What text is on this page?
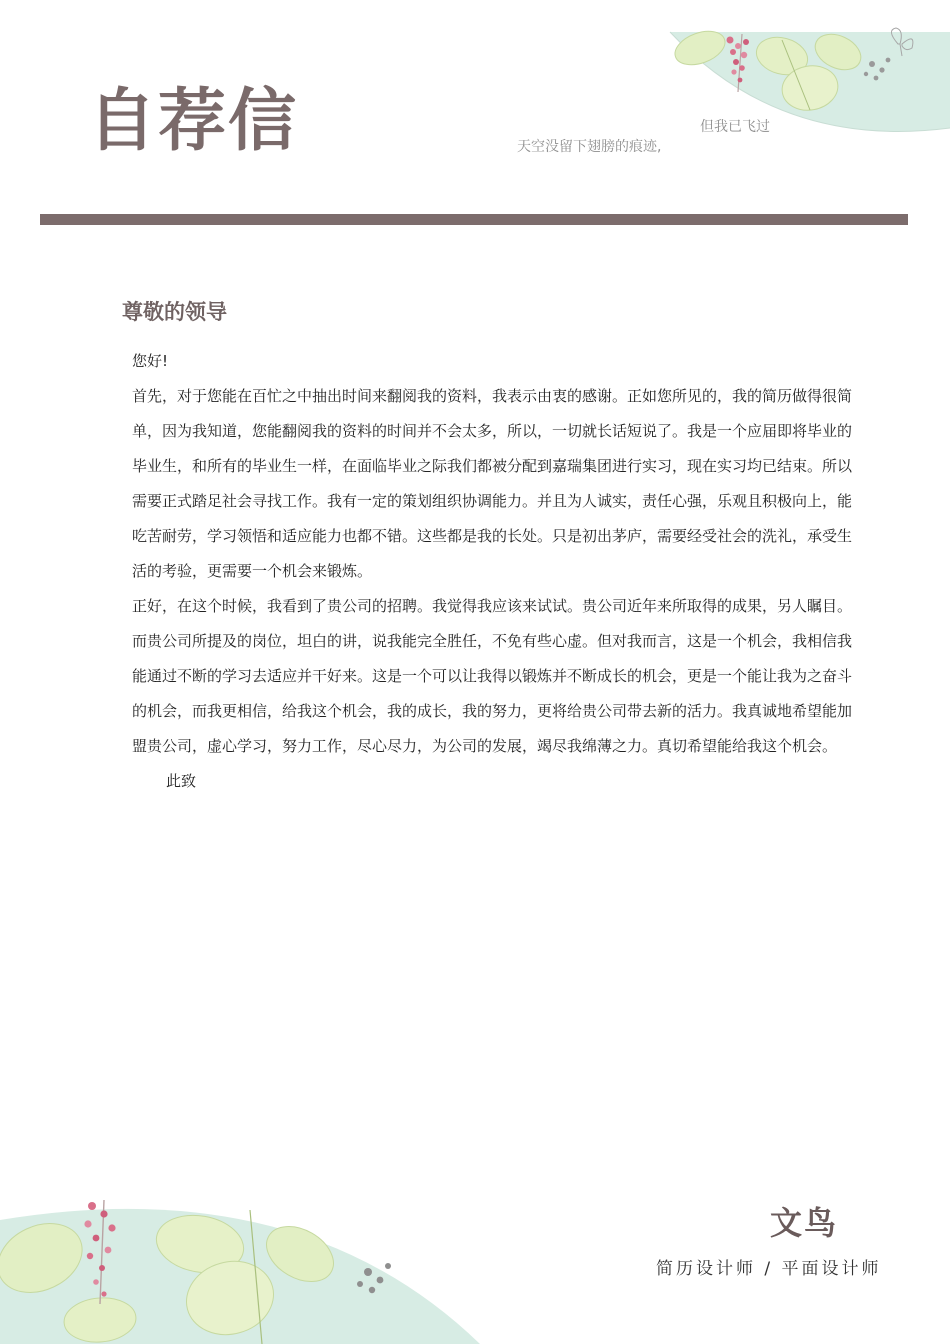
自荐信	但我已飞过
天空没留下翅膀的痕迹,
尊敬的领导

您好!

首先，对于您能在百忙之中抽出时间来翻阅我的资料，我表示由衷的感谢。正如您所见的，我的简历做得很简单，因为我知道，您能翻阅我的资料的时间并不会太多，所以，一切就长话短说了。我是一个应届即将毕业的毕业生，和所有的毕业生一样，在面临毕业之际我们都被分配到嘉瑞集团进行实习，现在实习均已结束。所以需要正式踏足社会寻找工作。我有一定的策划组织协调能力。并且为人诚实，责任心强，乐观且积极向上，能吃苦耐劳，学习领悟和适应能力也都不错。这些都是我的长处。只是初出茅庐，需要经受社会的洗礼，承受生活的考验，更需要一个机会来锻炼。

正好，在这个时候，我看到了贵公司的招聘。我觉得我应该来试试。贵公司近年来所取得的成果，另人瞩目。而贵公司所提及的岗位，坦白的讲，说我能完全胜任，不免有些心虚。但对我而言，这是一个机会，我相信我能通过不断的学习去适应并干好来。这是一个可以让我得以锻炼并不断成长的机会，更是一个能让我为之奋斗的机会，而我更相信，给我这个机会，我的成长，我的努力，更将给贵公司带去新的活力。我真诚地希望能加盟贵公司，虚心学习，努力工作，尽心尽力，为公司的发展，竭尽我绵薄之力。真切希望能给我这个机会。

此致

文鸟
简历设计师 / 平面设计师
